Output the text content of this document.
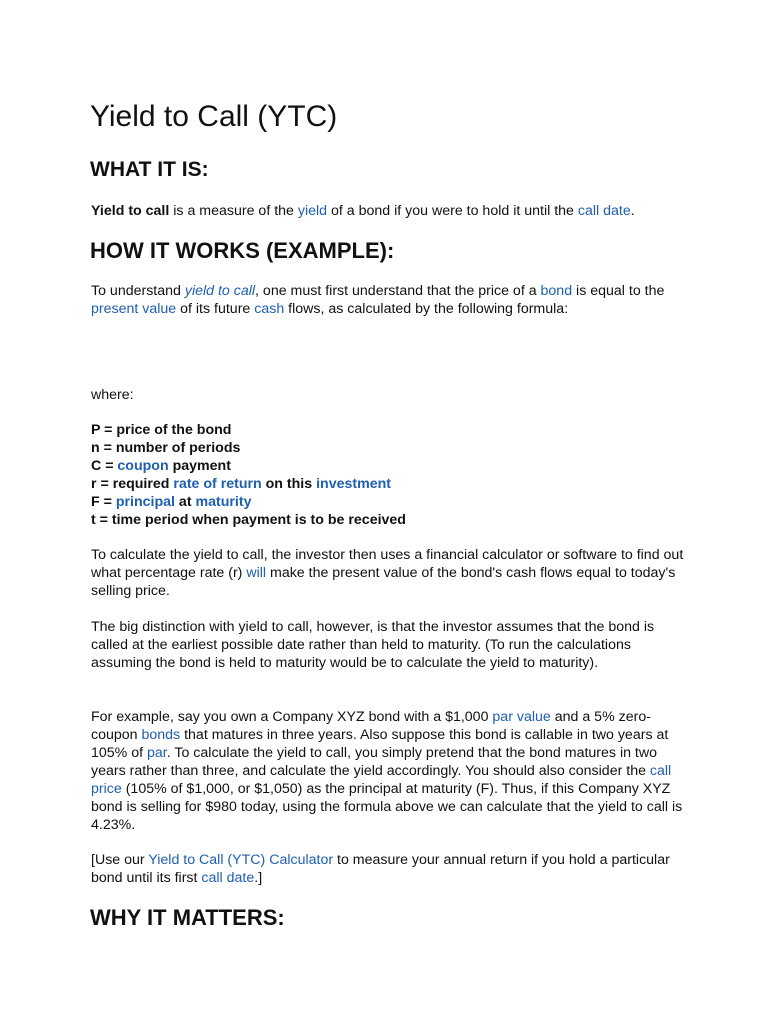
Yield to Call (YTC)
WHAT IT IS:

Yield to call is a measure of the yield of a bond if you were to hold it until the call date.

HOW IT WORKS (EXAMPLE):

To understand yield to call, one must first understand that the price of a bond is equal to the present value of its future cash flows, as calculated by the following formula:

where:

P = price of the bond
n = number of periods
C = coupon payment
r = required rate of return on this investment
F = principal at maturity
t = time period when payment is to be received

To calculate the yield to call, the investor then uses a financial calculator or software to find out what percentage rate (r) will make the present value of the bond's cash flows equal to today's selling price.

The big distinction with yield to call, however, is that the investor assumes that the bond is called at the earliest possible date rather than held to maturity. (To run the calculations assuming the bond is held to maturity would be to calculate the yield to maturity).

For example, say you own a Company XYZ bond with a $1,000 par value and a 5% zero-coupon bonds that matures in three years. Also suppose this bond is callable in two years at 105% of par. To calculate the yield to call, you simply pretend that the bond matures in two years rather than three, and calculate the yield accordingly. You should also consider the call price (105% of $1,000, or $1,050) as the principal at maturity (F). Thus, if this Company XYZ bond is selling for $980 today, using the formula above we can calculate that the yield to call is 4.23%.

[Use our Yield to Call (YTC) Calculator to measure your annual return if you hold a particular bond until its first call date.]

WHY IT MATTERS:
